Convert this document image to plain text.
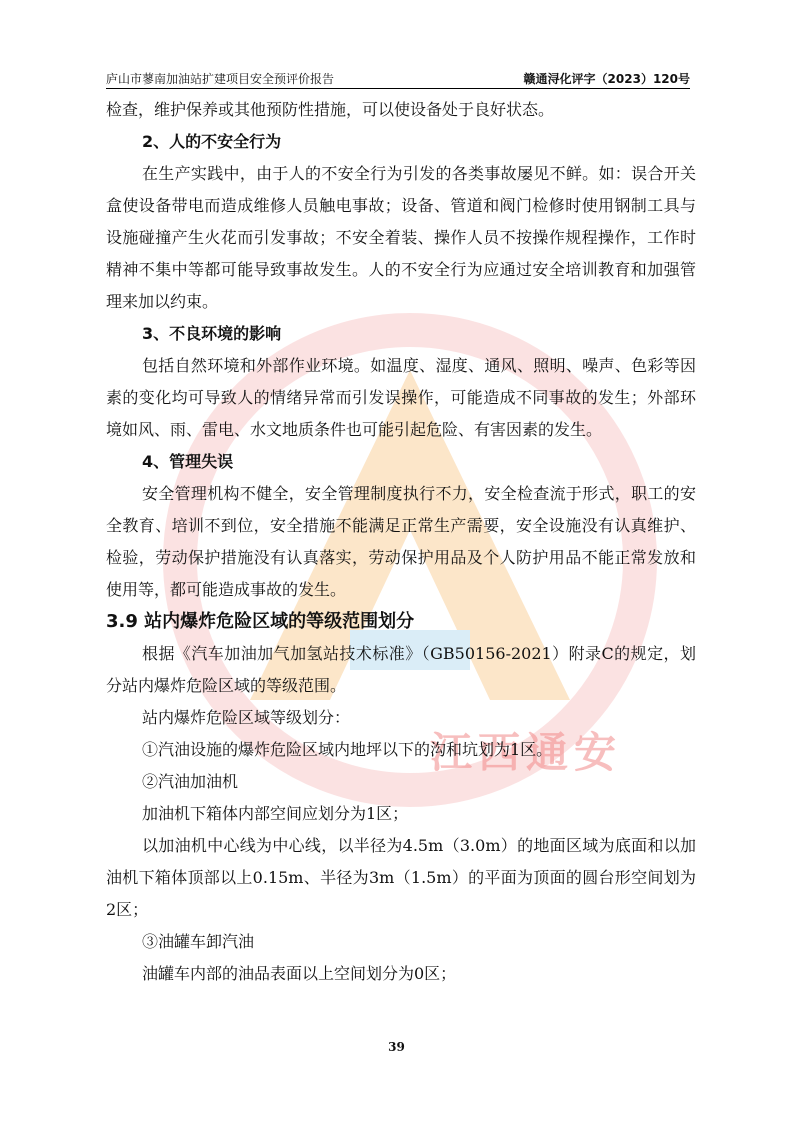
庐山市蓼南加油站扩建项目安全预评价报告	赣通浔化评字（2023）120号
江西通安

检查，维护保养或其他预防性措施，可以使设备处于良好状态。

2、人的不安全行为

在生产实践中，由于人的不安全行为引发的各类事故屡见不鲜。如：误合开关盒使设备带电而造成维修人员触电事故；设备、管道和阀门检修时使用钢制工具与设施碰撞产生火花而引发事故；不安全着装、操作人员不按操作规程操作，工作时精神不集中等都可能导致事故发生。人的不安全行为应通过安全培训教育和加强管理来加以约束。

3、不良环境的影响

包括自然环境和外部作业环境。如温度、湿度、通风、照明、噪声、色彩等因素的变化均可导致人的情绪异常而引发误操作，可能造成不同事故的发生；外部环境如风、雨、雷电、水文地质条件也可能引起危险、有害因素的发生。

4、管理失误

安全管理机构不健全，安全管理制度执行不力，安全检查流于形式，职工的安全教育、培训不到位，安全措施不能满足正常生产需要，安全设施没有认真维护、检验，劳动保护措施没有认真落实，劳动保护用品及个人防护用品不能正常发放和使用等，都可能造成事故的发生。

3.9 站内爆炸危险区域的等级范围划分

根据《汽车加油加气加氢站技术标准》（GB50156-2021）附录C的规定，划分站内爆炸危险区域的等级范围。

站内爆炸危险区域等级划分：

①汽油设施的爆炸危险区域内地坪以下的沟和坑划为1区。

②汽油加油机

加油机下箱体内部空间应划分为1区；

以加油机中心线为中心线，以半径为4.5m（3.0m）的地面区域为底面和以加油机下箱体顶部以上0.15m、半径为3m（1.5m）的平面为顶面的圆台形空间划为2区；

③油罐车卸汽油

油罐车内部的油品表面以上空间划分为0区；

39
